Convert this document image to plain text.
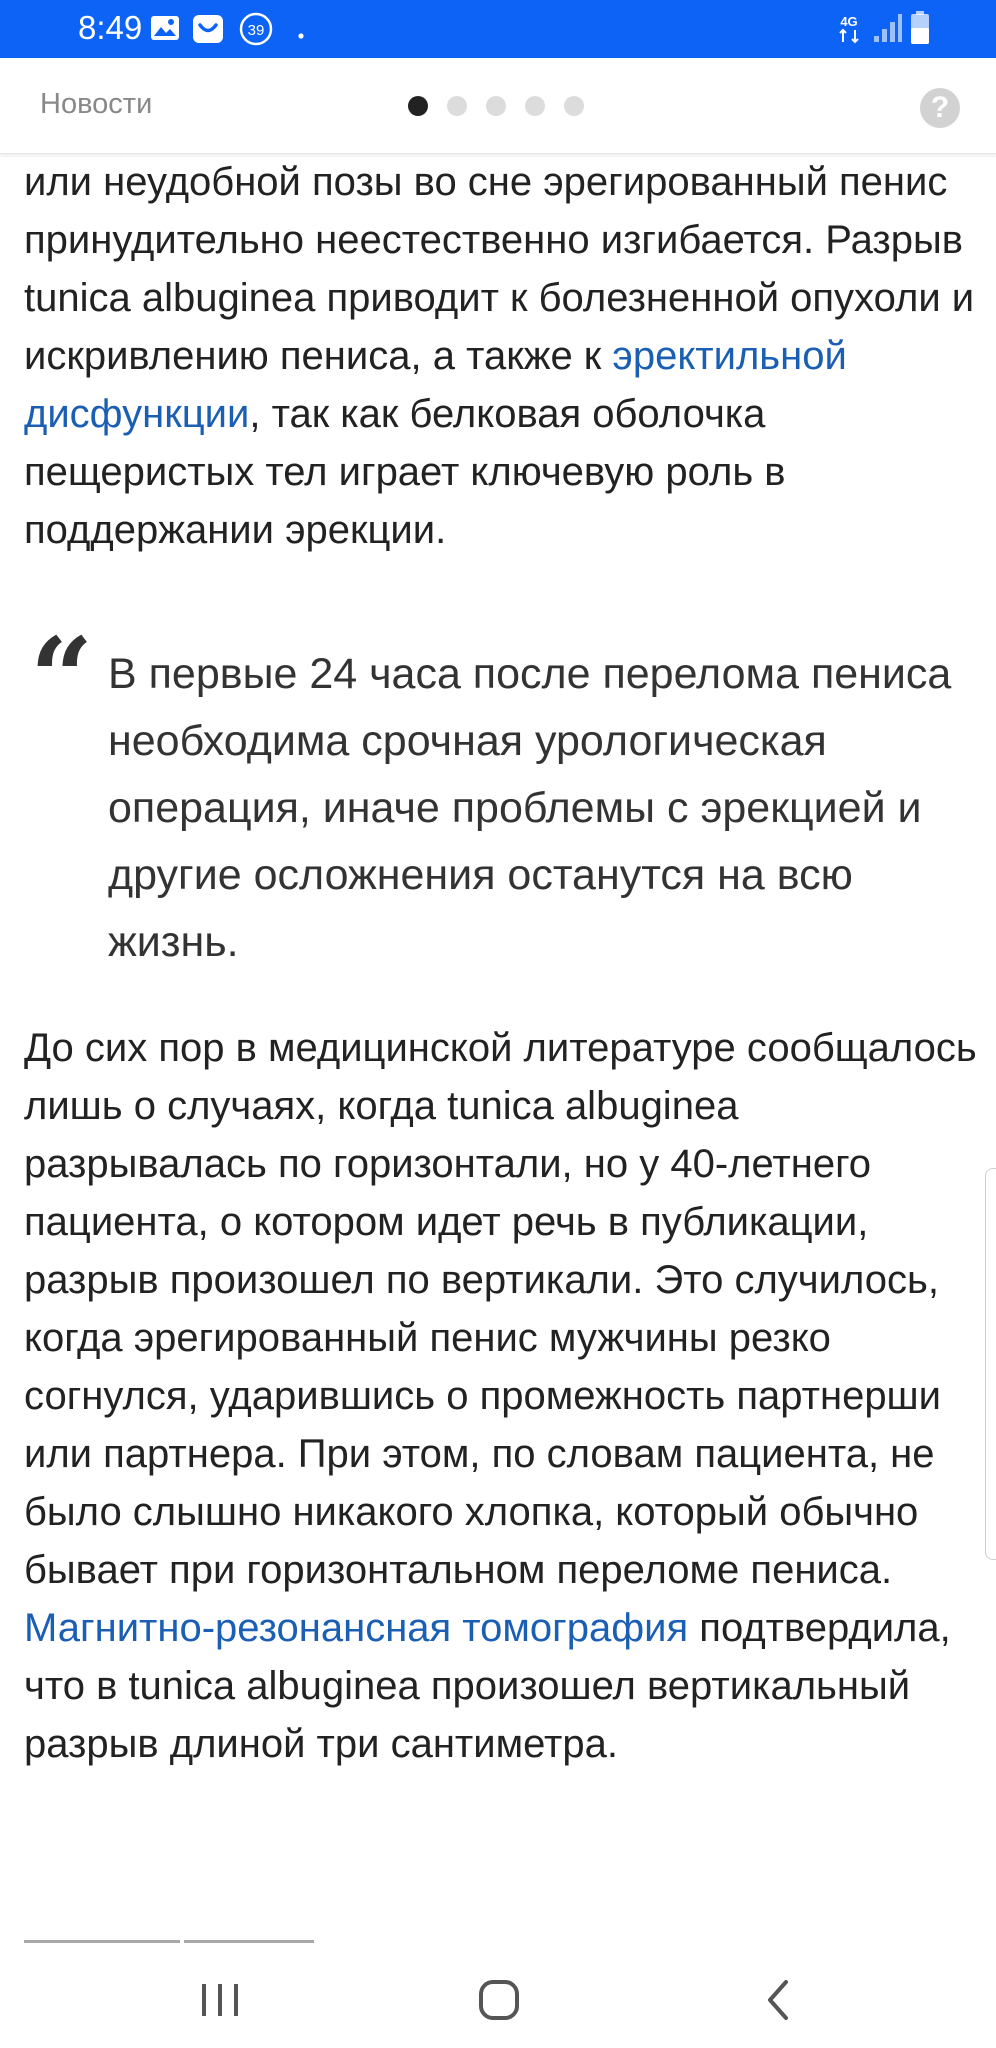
8:49	39
4G
Новости	?

или неудобной позы во сне эрегированный пенис принудительно неестественно изгибается. Разрыв tunica albuginea приводит к болезненной опухоли и искривлению пениса, а также к эректильной дисфункции, так как белковая оболочка пещеристых тел играет ключевую роль в поддержании эрекции.

“ В первые 24 часа после перелома пениса необходима срочная урологическая операция, иначе проблемы с эрекцией и другие осложнения останутся на всю жизнь.

До сих пор в медицинской литературе сообщалось лишь о случаях, когда tunica albuginea разрывалась по горизонтали, но у 40-летнего пациента, о котором идет речь в публикации, разрыв произошел по вертикали. Это случилось, когда эрегированный пенис мужчины резко согнулся, ударившись о промежность партнерши или партнера. При этом, по словам пациента, не было слышно никакого хлопка, который обычно бывает при горизонтальном переломе пениса. Магнитно-резонансная томография подтвердила, что в tunica albuginea произошел вертикальный разрыв длиной три сантиметра.
